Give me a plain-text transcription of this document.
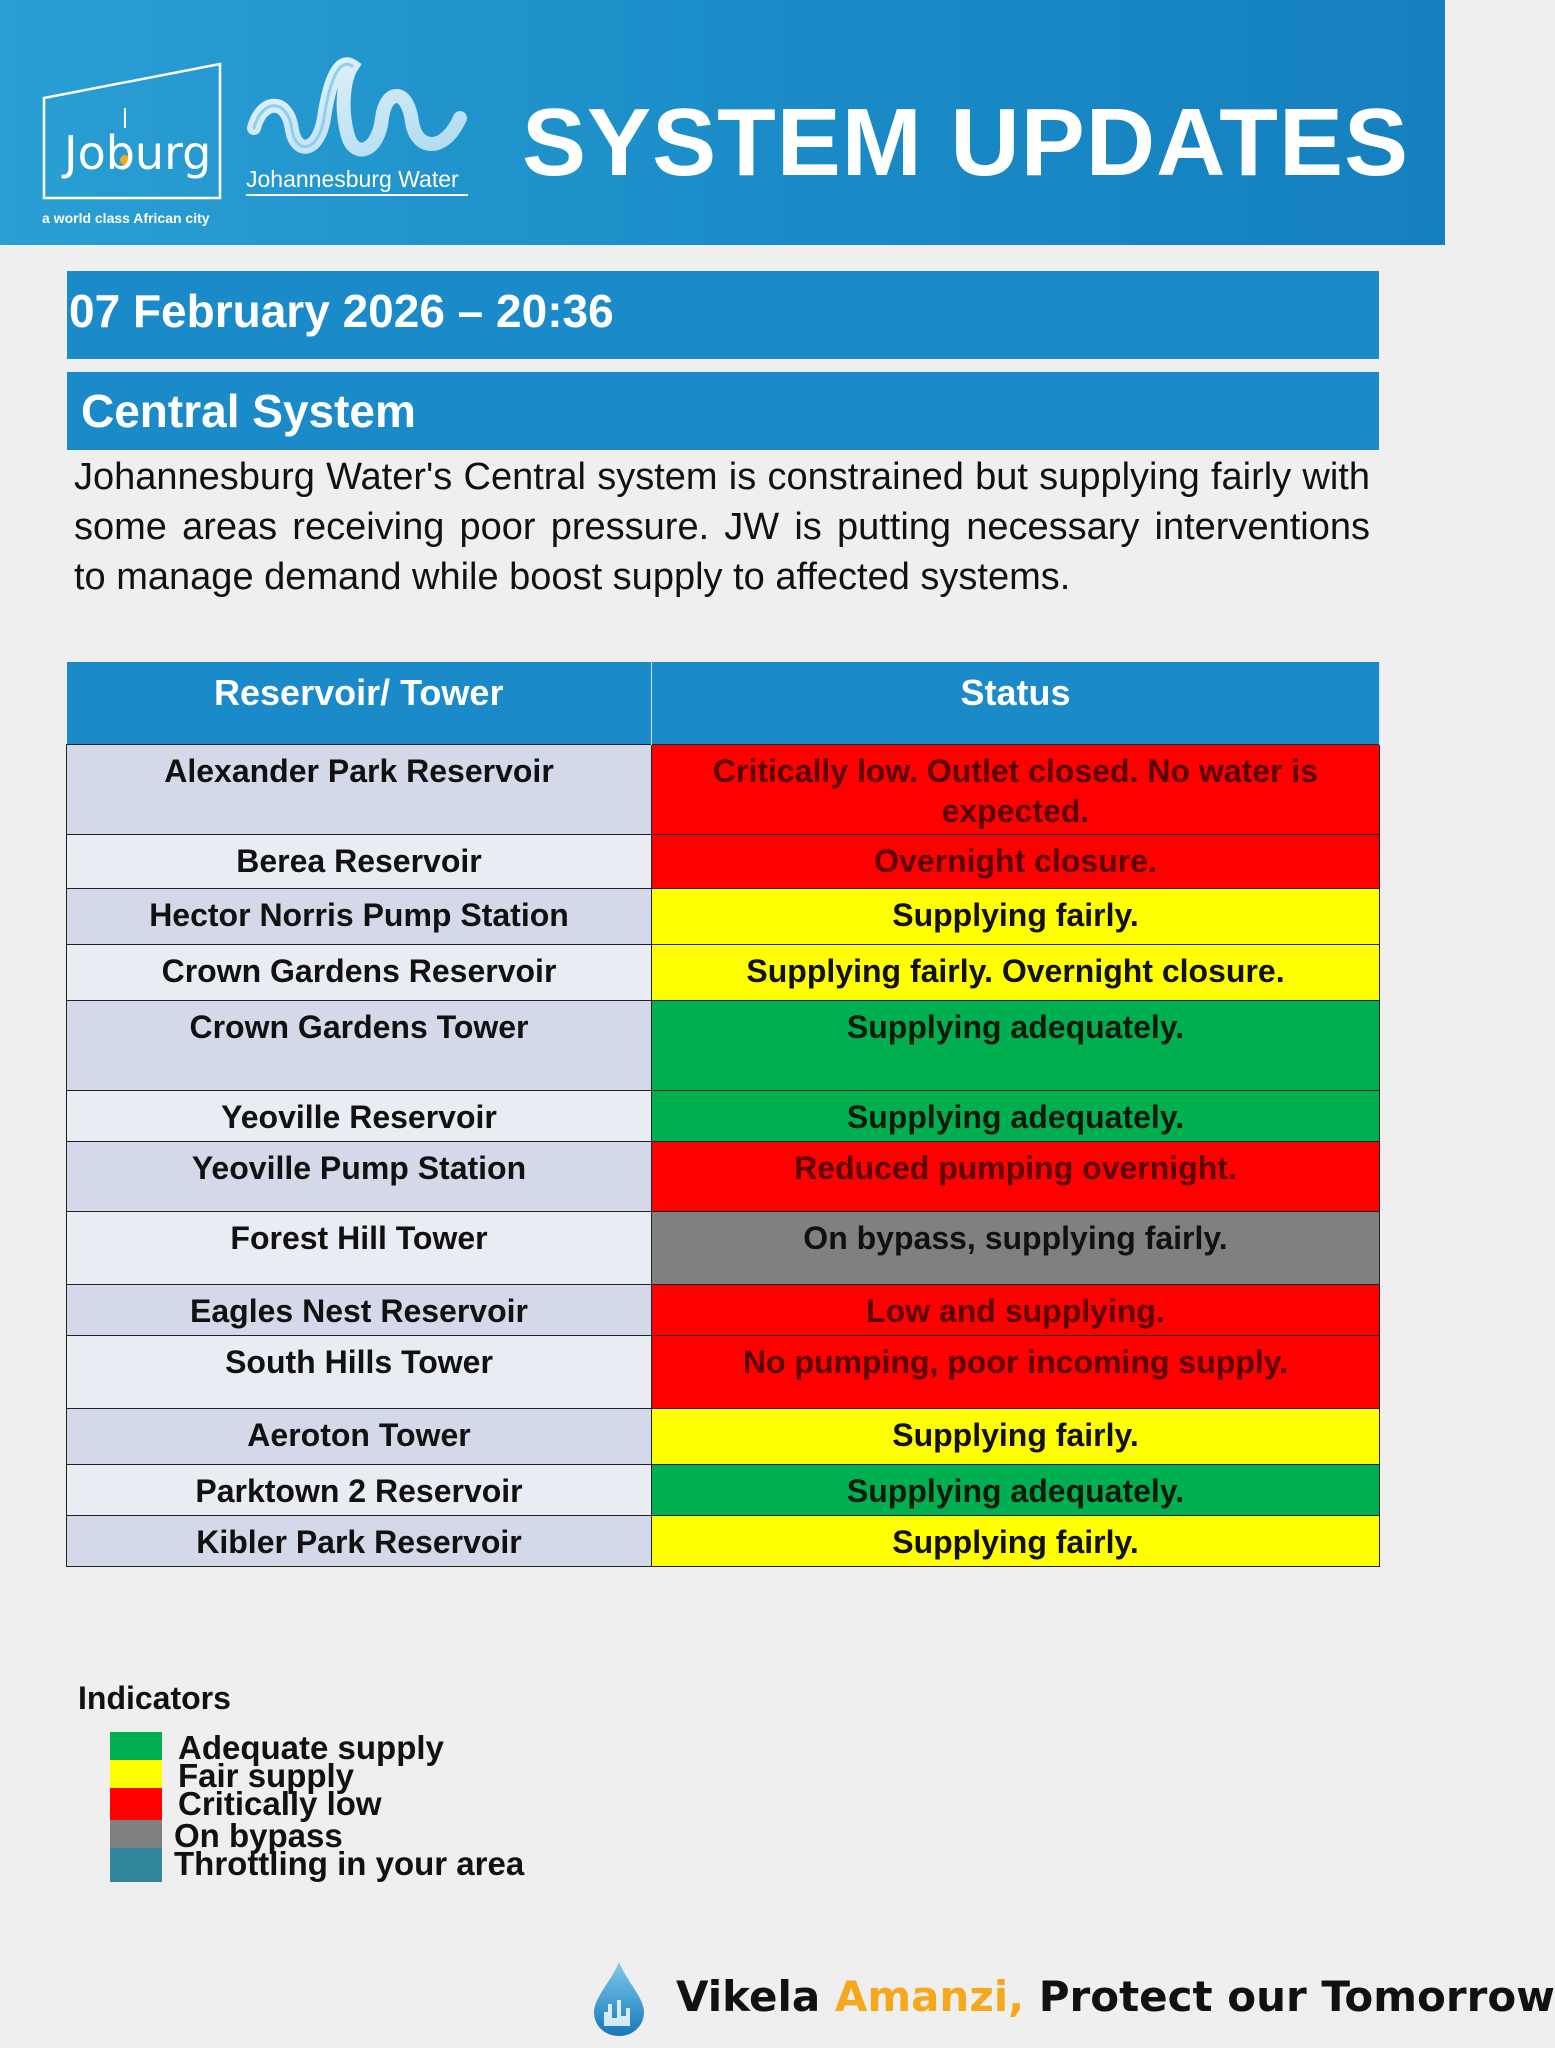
Joburg
a world class African city
Johannesburg Water SYSTEM UPDATES
07 February 2026 – 20:36
Central System
Johannesburg Water's Central system is constrained but supplying fairly with some areas receiving poor pressure. JW is putting necessary interventions to manage demand while boost supply to affected systems.
Reservoir/ Tower	Status
Alexander Park Reservoir	Critically low. Outlet closed. No water is expected.
Berea Reservoir	Overnight closure.
Hector Norris Pump Station	Supplying fairly.
Crown Gardens Reservoir	Supplying fairly. Overnight closure.
Crown Gardens Tower	Supplying adequately.
Yeoville Reservoir	Supplying adequately.
Yeoville Pump Station	Reduced pumping overnight.
Forest Hill Tower	On bypass, supplying fairly.
Eagles Nest Reservoir	Low and supplying.
South Hills Tower	No pumping, poor incoming supply.
Aeroton Tower	Supplying fairly.
Parktown 2 Reservoir	Supplying adequately.
Kibler Park Reservoir	Supplying fairly.
Indicators
Adequate supply
Fair supply
Critically low
On bypass
Throttling in your area
Vikela Amanzi, Protect our Tomorrow
